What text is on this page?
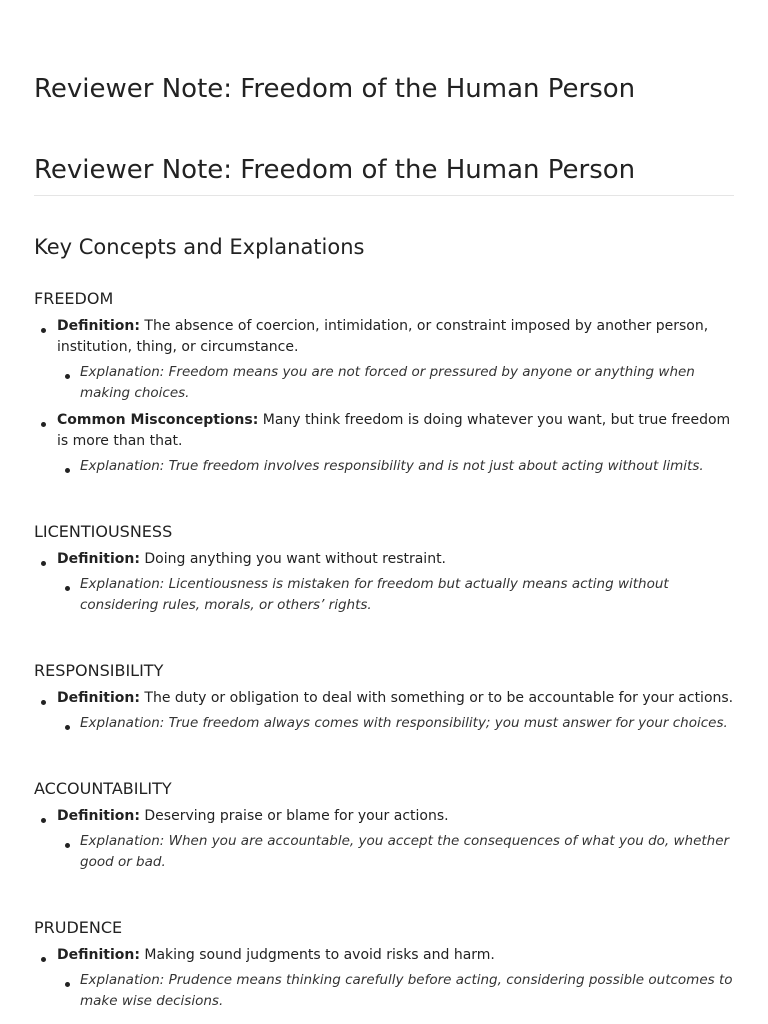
Reviewer Note: Freedom of the Human Person
Reviewer Note: Freedom of the Human Person
Key Concepts and Explanations
FREEDOM
Definition: The absence of coercion, intimidation, or constraint imposed by another person, institution, thing, or circumstance.
Explanation: Freedom means you are not forced or pressured by anyone or anything when making choices.
Common Misconceptions: Many think freedom is doing whatever you want, but true freedom is more than that.
Explanation: True freedom involves responsibility and is not just about acting without limits.
LICENTIOUSNESS
Definition: Doing anything you want without restraint.
Explanation: Licentiousness is mistaken for freedom but actually means acting without considering rules, morals, or others’ rights.
RESPONSIBILITY
Definition: The duty or obligation to deal with something or to be accountable for your actions.
Explanation: True freedom always comes with responsibility; you must answer for your choices.
ACCOUNTABILITY
Definition: Deserving praise or blame for your actions.
Explanation: When you are accountable, you accept the consequences of what you do, whether good or bad.
PRUDENCE
Definition: Making sound judgments to avoid risks and harm.
Explanation: Prudence means thinking carefully before acting, considering possible outcomes to make wise decisions.
